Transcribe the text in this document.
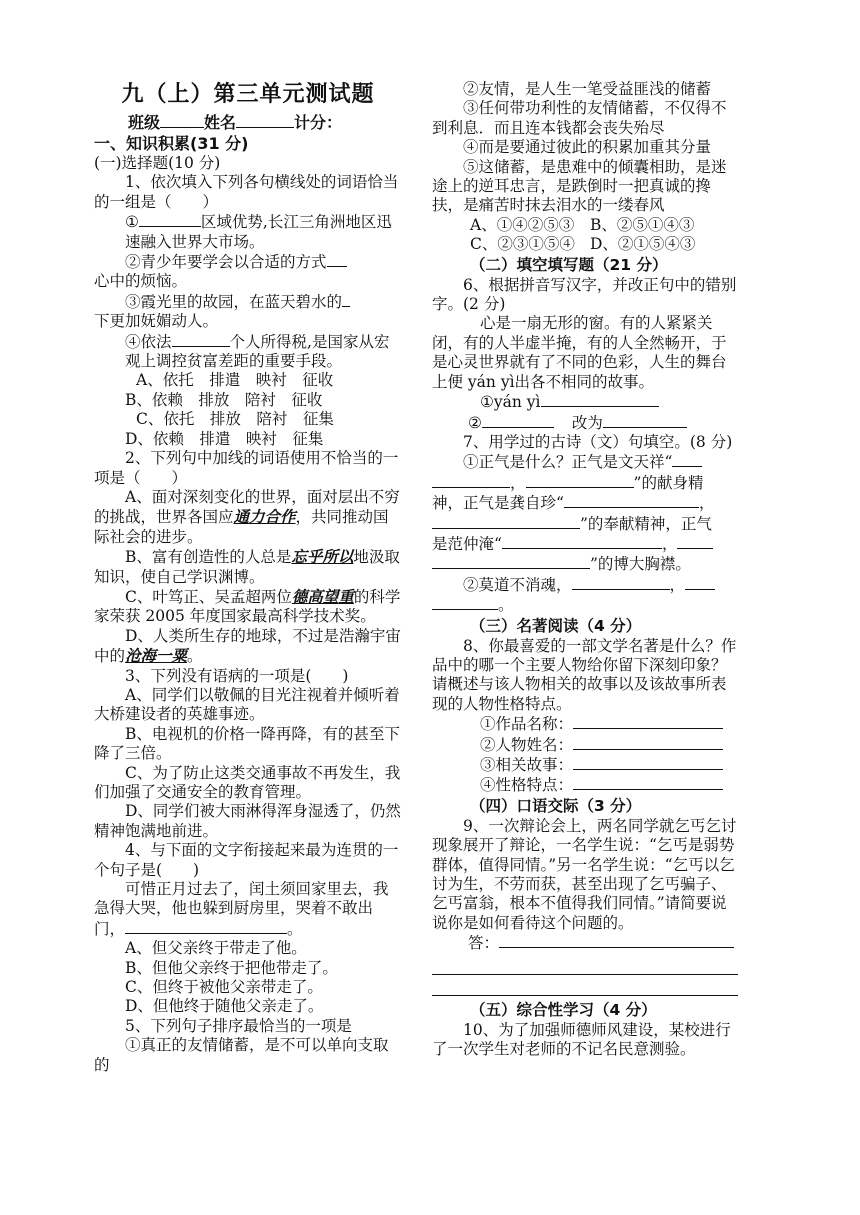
九（上）第三单元测试题

班级	姓名	计分：

一、知识积累(31 分)

(一)选择题(10 分)

1、依次填入下列各句横线处的词语恰当的一组是（　　）

①	区域优势,长江三角洲地区迅速融入世界大市场。

②青少年要学会以合适的方式
心中的烦恼。

③霞光里的故园，在蓝天碧水的
下更加妩媚动人。

④依法	个人所得税,是国家从宏观上调控贫富差距的重要手段。

A、依托　排遣　映衬　征收

B、依赖　排放　陪衬　征收

C、依托　排放　陪衬　征集

D、依赖　排遣　映衬　征集

2、下列句中加线的词语使用不恰当的一项是（　　）

A、面对深刻变化的世界，面对层出不穷的挑战，世界各国应通力合作，共同推动国际社会的进步。

B、富有创造性的人总是忘乎所以地汲取知识，使自己学识渊博。

C、叶笃正、吴孟超两位德高望重的科学家荣获 2005 年度国家最高科学技术奖。

D、人类所生存的地球，不过是浩瀚宇宙中的沧海一粟。

3、下列没有语病的一项是(　　)

A、同学们以敬佩的目光注视着并倾听着大桥建设者的英雄事迹。

B、电视机的价格一降再降，有的甚至下降了三倍。

C、为了防止这类交通事故不再发生，我们加强了交通安全的教育管理。

D、同学们被大雨淋得浑身湿透了，仍然精神饱满地前进。

4、与下面的文字衔接起来最为连贯的一个句子是(　　)

可惜正月过去了，闰土须回家里去，我急得大哭，他也躲到厨房里，哭着不敢出门，	。

A、但父亲终于带走了他。

B、但他父亲终于把他带走了。

C、但终于被他父亲带走了。

D、但他终于随他父亲走了。

5、下列句子排序最恰当的一项是

①真正的友情储蓄，是不可以单向支取的

②友情，是人生一笔受益匪浅的储蓄

③任何带功利性的友情储蓄，不仅得不到利息．而且连本钱都会丧失殆尽

④而是要通过彼此的积累加重其分量

⑤这储蓄，是患难中的倾囊相助，是迷途上的逆耳忠言，是跌倒时一把真诚的搀扶，是痛苦时抹去泪水的一缕春风

A、①④②⑤③ B、②⑤①④③

C、②③①⑤④ D、②①⑤④③

（二）填空填写题（21 分）

6、根据拼音写汉字，并改正句中的错别字。(2 分)

心是一扇无形的窗。有的人紧紧关闭，有的人半虚半掩，有的人全然畅开，于是心灵世界就有了不同的色彩，人生的舞台上便 yán yì出各不相同的故事。

①yán yì

②	改为

7、用学过的古诗（文）句填空。(8 分)

①正气是什么？正气是文天祥“

，	”的献身精

神，正气是龚自珍“	，

”的奉献精神，正气

是范仲淹“	，

”的博大胸襟。

②莫道不消魂，	，

。

（三）名著阅读（4 分）

8、你最喜爱的一部文学名著是什么？作品中的哪一个主要人物给你留下深刻印象？请概述与该人物相关的故事以及该故事所表现的人物性格特点。

①作品名称：

②人物姓名：

③相关故事：

④性格特点：

（四）口语交际（3 分）

9、一次辩论会上，两名同学就乞丐乞讨现象展开了辩论，一名学生说：“乞丐是弱势群体，值得同情。”另一名学生说：“乞丐以乞讨为生，不劳而获，甚至出现了乞丐骗子、乞丐富翁，根本不值得我们同情。”请简要说说你是如何看待这个问题的。

答：

（五）综合性学习（4 分）

10、为了加强师德师风建设，某校进行了一次学生对老师的不记名民意测验。
